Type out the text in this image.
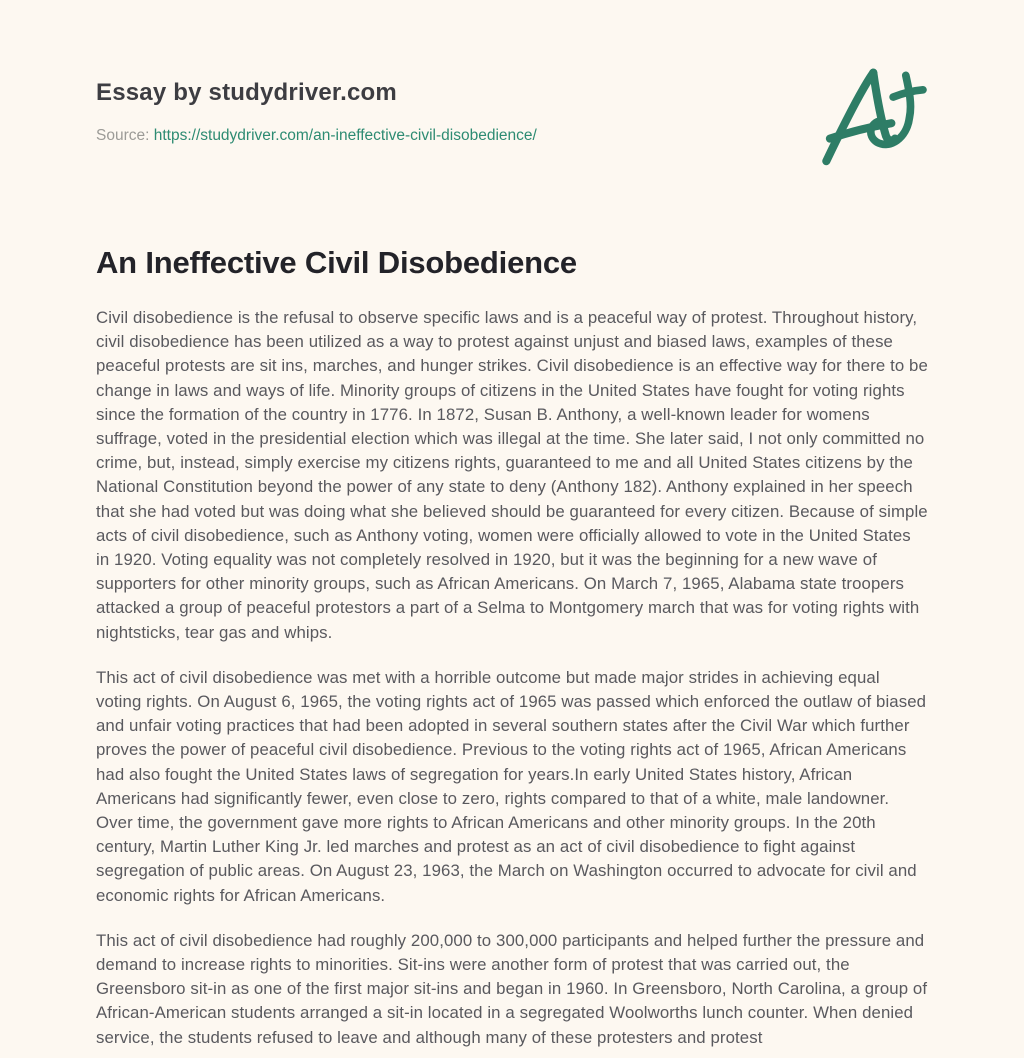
Essay by studydriver.com
Source: https://studydriver.com/an-ineffective-civil-disobedience/
An Ineffective Civil Disobedience

Civil disobedience is the refusal to observe specific laws and is a peaceful way of protest. Throughout history, civil disobedience has been utilized as a way to protest against unjust and biased laws, examples of these peaceful protests are sit ins, marches, and hunger strikes. Civil disobedience is an effective way for there to be change in laws and ways of life. Minority groups of citizens in the United States have fought for voting rights since the formation of the country in 1776. In 1872, Susan B. Anthony, a well-known leader for womens suffrage, voted in the presidential election which was illegal at the time. She later said, I not only committed no crime, but, instead, simply exercise my citizens rights, guaranteed to me and all United States citizens by the National Constitution beyond the power of any state to deny (Anthony 182). Anthony explained in her speech that she had voted but was doing what she believed should be guaranteed for every citizen. Because of simple acts of civil disobedience, such as Anthony voting, women were officially allowed to vote in the United States in 1920. Voting equality was not completely resolved in 1920, but it was the beginning for a new wave of supporters for other minority groups, such as African Americans. On March 7, 1965, Alabama state troopers attacked a group of peaceful protestors a part of a Selma to Montgomery march that was for voting rights with nightsticks, tear gas and whips.

This act of civil disobedience was met with a horrible outcome but made major strides in achieving equal voting rights. On August 6, 1965, the voting rights act of 1965 was passed which enforced the outlaw of biased and unfair voting practices that had been adopted in several southern states after the Civil War which further proves the power of peaceful civil disobedience. Previous to the voting rights act of 1965, African Americans had also fought the United States laws of segregation for years.In early United States history, African Americans had significantly fewer, even close to zero, rights compared to that of a white, male landowner. Over time, the government gave more rights to African Americans and other minority groups. In the 20th century, Martin Luther King Jr. led marches and protest as an act of civil disobedience to fight against segregation of public areas. On August 23, 1963, the March on Washington occurred to advocate for civil and economic rights for African Americans.

This act of civil disobedience had roughly 200,000 to 300,000 participants and helped further the pressure and demand to increase rights to minorities. Sit-ins were another form of protest that was carried out, the Greensboro sit-in as one of the first major sit-ins and began in 1960. In Greensboro, North Carolina, a group of African-American students arranged a sit-in located in a segregated Woolworths lunch counter. When denied service, the students refused to leave and although many of these protesters and protest
